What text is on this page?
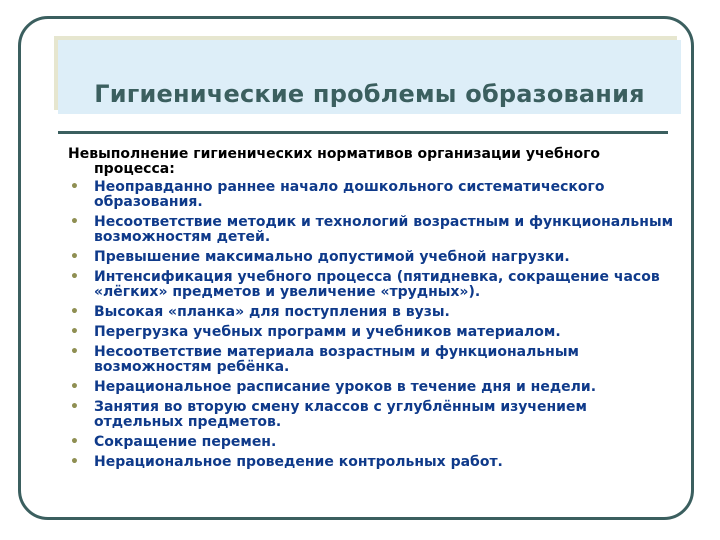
Гигиенические проблемы образования

Невыполнение гигиенических нормативов организации учебного

процесса:

• Неоправданно раннее начало дошкольного систематического образования.
• Несоответствие методик и технологий возрастным и функциональным возможностям детей.
• Превышение максимально допустимой учебной нагрузки.
• Интенсификация учебного процесса (пятидневка, сокращение часов «лёгких» предметов и увеличение «трудных»).
• Высокая «планка» для поступления в вузы.
• Перегрузка учебных программ и учебников материалом.
• Несоответствие материала возрастным и функциональным возможностям ребёнка.
• Нерациональное расписание уроков в течение дня и недели.
• Занятия во вторую смену классов с углублённым изучением отдельных предметов.
• Сокращение перемен.
• Нерациональное проведение контрольных работ.
